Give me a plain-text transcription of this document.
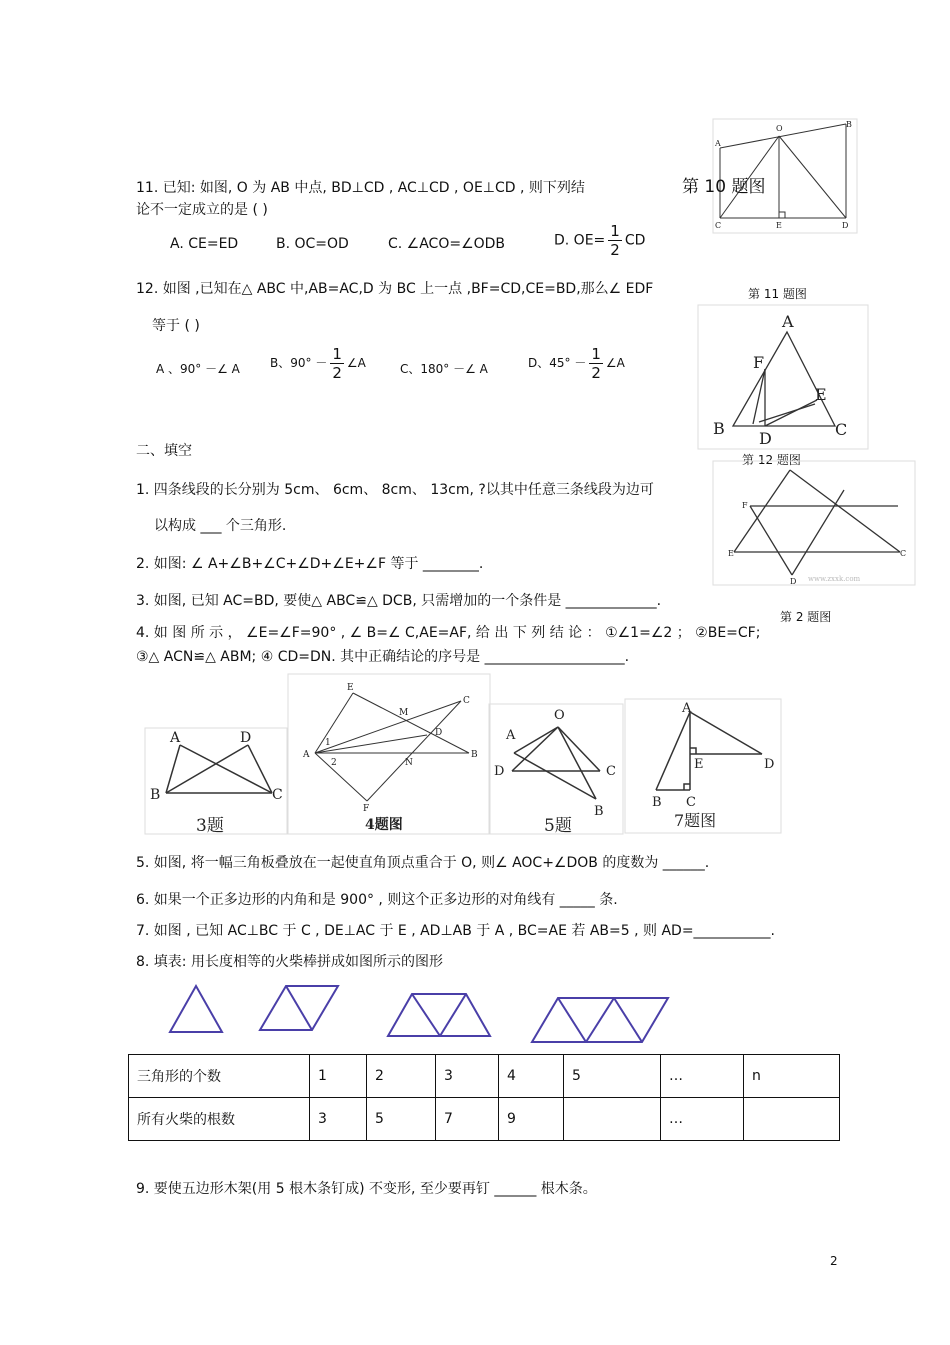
A
O	B
C	E	D
第 10 题图
11. 已知: 如图, O 为 AB 中点, BD⊥CD , AC⊥CD , OE⊥CD , 则下列结
论不一定成立的是 ( )
A. CE=ED	B. OC=OD	C. ∠ACO=∠ODB	D. $OE= \frac{1}{2}$ CD
第 11 题图
A
F
E
B
D	C
12. 如图 ,已知在△ ABC 中,AB=AC,D 为 BC 上一点 ,BF=CD,CE=BD,那么∠ EDF
等于 ( )
A 、90° －∠ A	B、$90^\circ - \frac{1}{2}$ ∠A	C、180° －∠ A	D、$45^\circ - \frac{1}{2}$ ∠A
二、填空
第 12 题图
F
E	C
D www.zxxk.com
第 2 题图
1. 四条线段的长分别为 5cm、 6cm、 8cm、 13cm, ?以其中任意三条线段为边可
以构成 ___ 个三角形.
2. 如图: ∠ A+∠B+∠C+∠D+∠E+∠F 等于 ________.
3. 如图, 已知 AC=BD, 要使△ ABC≌△ DCB, 只需增加的一个条件是 _____________.
4. 如 图 所 示 ， ∠E=∠F=90° , ∠ B=∠ C,AE=AF, 给 出 下 列 结 论 ： ①∠1=∠2 ； ②BE=CF;
③△ ACN≌△ ABM; ④ CD=DN. 其中正确结论的序号是 ____________________.
A	D
B	C
3题
E
M
C
A
1
2
D
N
B
F
4题图
A
O
D	C
B
5题
A
E	D
B C
7题图
5. 如图, 将一幅三角板叠放在一起使直角顶点重合于 O, 则∠ AOC+∠DOB 的度数为 ______.
6. 如果一个正多边形的内角和是 900° , 则这个正多边形的对角线有 _____ 条.
7. 如图 , 已知 AC⊥BC 于 C , DE⊥AC 于 E , AD⊥AB 于 A , BC=AE 若 AB=5 , 则 AD=___________.
8. 填表: 用长度相等的火柴棒拼成如图所示的图形
三角形的个数	1	2	3	4	5	…	n
所有火柴的根数	3	5	7	9		…	
9. 要使五边形木架(用 5 根木条钉成) 不变形, 至少要再钉 ______ 根木条。
2
